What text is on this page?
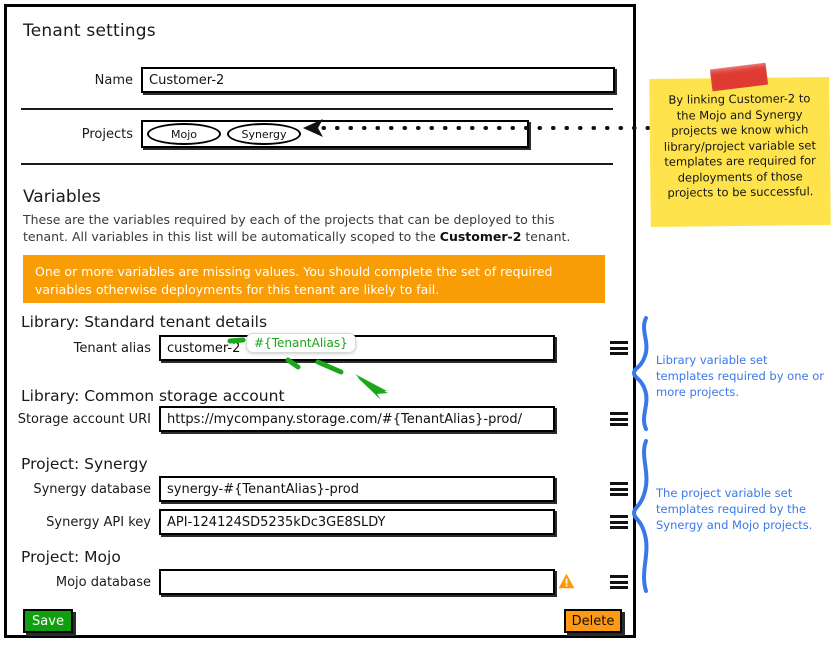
Tenant settings
Name	Customer-2
Projects	Mojo	Synergy
Variables
These are the variables required by each of the projects that can be deployed to this tenant. All variables in this list will be automatically scoped to the Customer-2 tenant.
One or more variables are missing values. You should complete the set of required variables otherwise deployments for this tenant are likely to fail.
Library: Standard tenant details
Tenant alias	customer-2
Library: Common storage account
Storage account URI	https://mycompany.storage.com/#{TenantAlias}-prod/
Project: Synergy
Synergy database	synergy-#{TenantAlias}-prod
Synergy API key	API-124124SD5235kDc3GE8SLDY
Project: Mojo
Mojo database
Save	Delete
By linking Customer-2 to the Mojo and Synergy projects we know which library/project variable set templates are required for deployments of those projects to be successful.
Library variable set templates required by one or more projects.
The project variable set templates required by the Synergy and Mojo projects.
#{TenantAlias}
